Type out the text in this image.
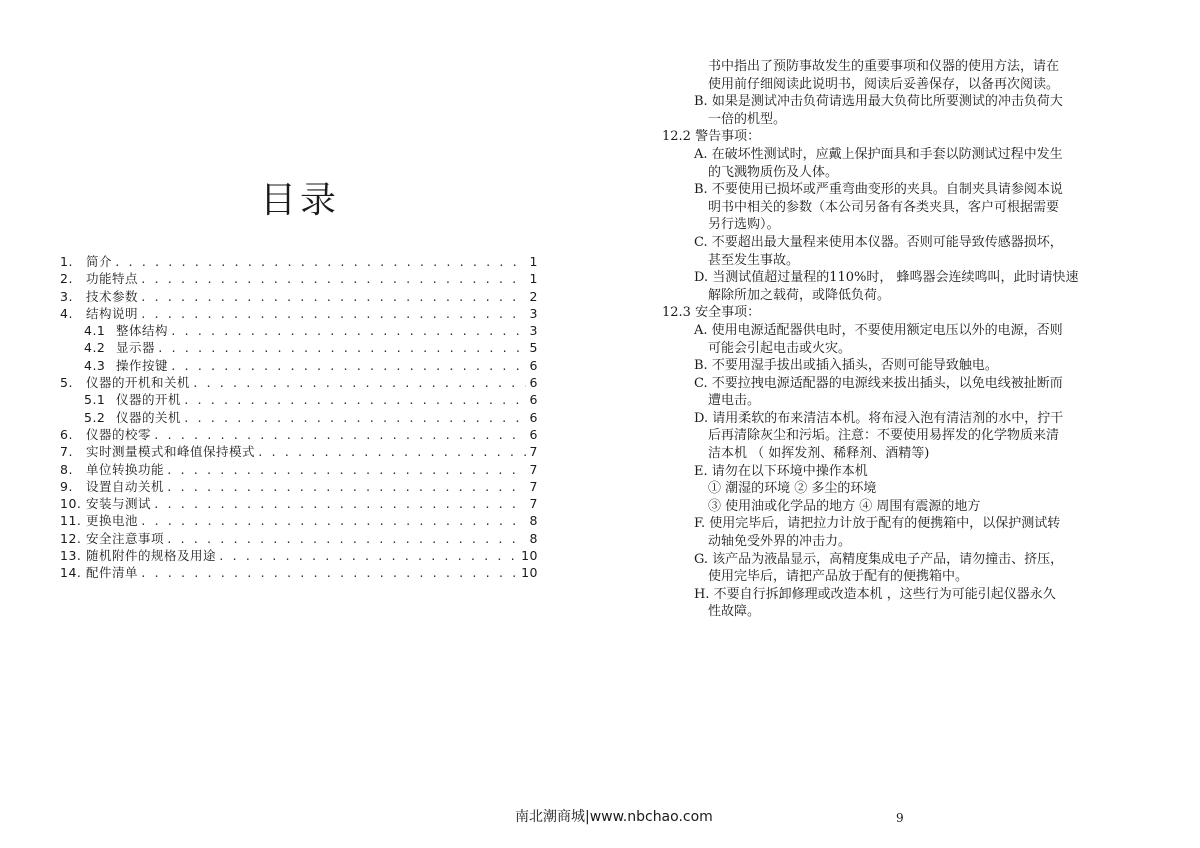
目录
1.	简介 . . .	1
2.	功能特点 . . .	1
3.	技术参数 . . .	2
4.	结构说明 . . .	3
4.1 整体结构 . . .	3
4.2 显示器 . . .	5
4.3 操作按键 . . .	6
5.	仪器的开机和关机 . . .	6
5.1 仪器的开机 . . .	6
5.2 仪器的关机 . . .	6
6.	仪器的校零 . . .	6
7.	实时测量模式和峰值保持模式 . . .	7
8.	单位转换功能 . . .	7
9.	设置自动关机 . . .	7
10. 安装与测试 . . .	7
11. 更换电池 . . .	8
12. 安全注意事项 . . .	8
13. 随机附件的规格及用途 . . .	10
14. 配件清单 . . .	10
书中指出了预防事故发生的重要事项和仪器的使用方法，请在
使用前仔细阅读此说明书，阅读后妥善保存，以备再次阅读。
B. 如果是测试冲击负荷请选用最大负荷比所要测试的冲击负荷大
一倍的机型。
12.2 警告事项：
A. 在破坏性测试时，应戴上保护面具和手套以防测试过程中发生
的飞溅物质伤及人体。
B. 不要使用已损坏或严重弯曲变形的夹具。自制夹具请参阅本说
明书中相关的参数（本公司另备有各类夹具，客户可根据需要
另行选购）。
C. 不要超出最大量程来使用本仪器。否则可能导致传感器损坏，
甚至发生事故。
D. 当测试值超过量程的110%时， 蜂鸣器会连续鸣叫，此时请快速
解除所加之载荷，或降低负荷。
12.3 安全事项：
A. 使用电源适配器供电时，不要使用额定电压以外的电源，否则
可能会引起电击或火灾。
B. 不要用湿手拔出或插入插头，否则可能导致触电。
C. 不要拉拽电源适配器的电源线来拔出插头，以免电线被扯断而
遭电击。
D. 请用柔软的布来清洁本机。将布浸入泡有清洁剂的水中，拧干
后再清除灰尘和污垢。注意：不要使用易挥发的化学物质来清
洁本机 （ 如挥发剂、稀释剂、酒精等)
E. 请勿在以下环境中操作本机
① 潮湿的环境 ② 多尘的环境
③ 使用油或化学品的地方 ④ 周围有震源的地方
F. 使用完毕后，请把拉力计放于配有的便携箱中，以保护测试转
动轴免受外界的冲击力。
G. 该产品为液晶显示，高精度集成电子产品，请勿撞击、挤压，
使用完毕后，请把产品放于配有的便携箱中。
H. 不要自行拆卸修理或改造本机 ，这些行为可能引起仪器永久
性故障。
南北潮商城|www.nbchao.com	9
